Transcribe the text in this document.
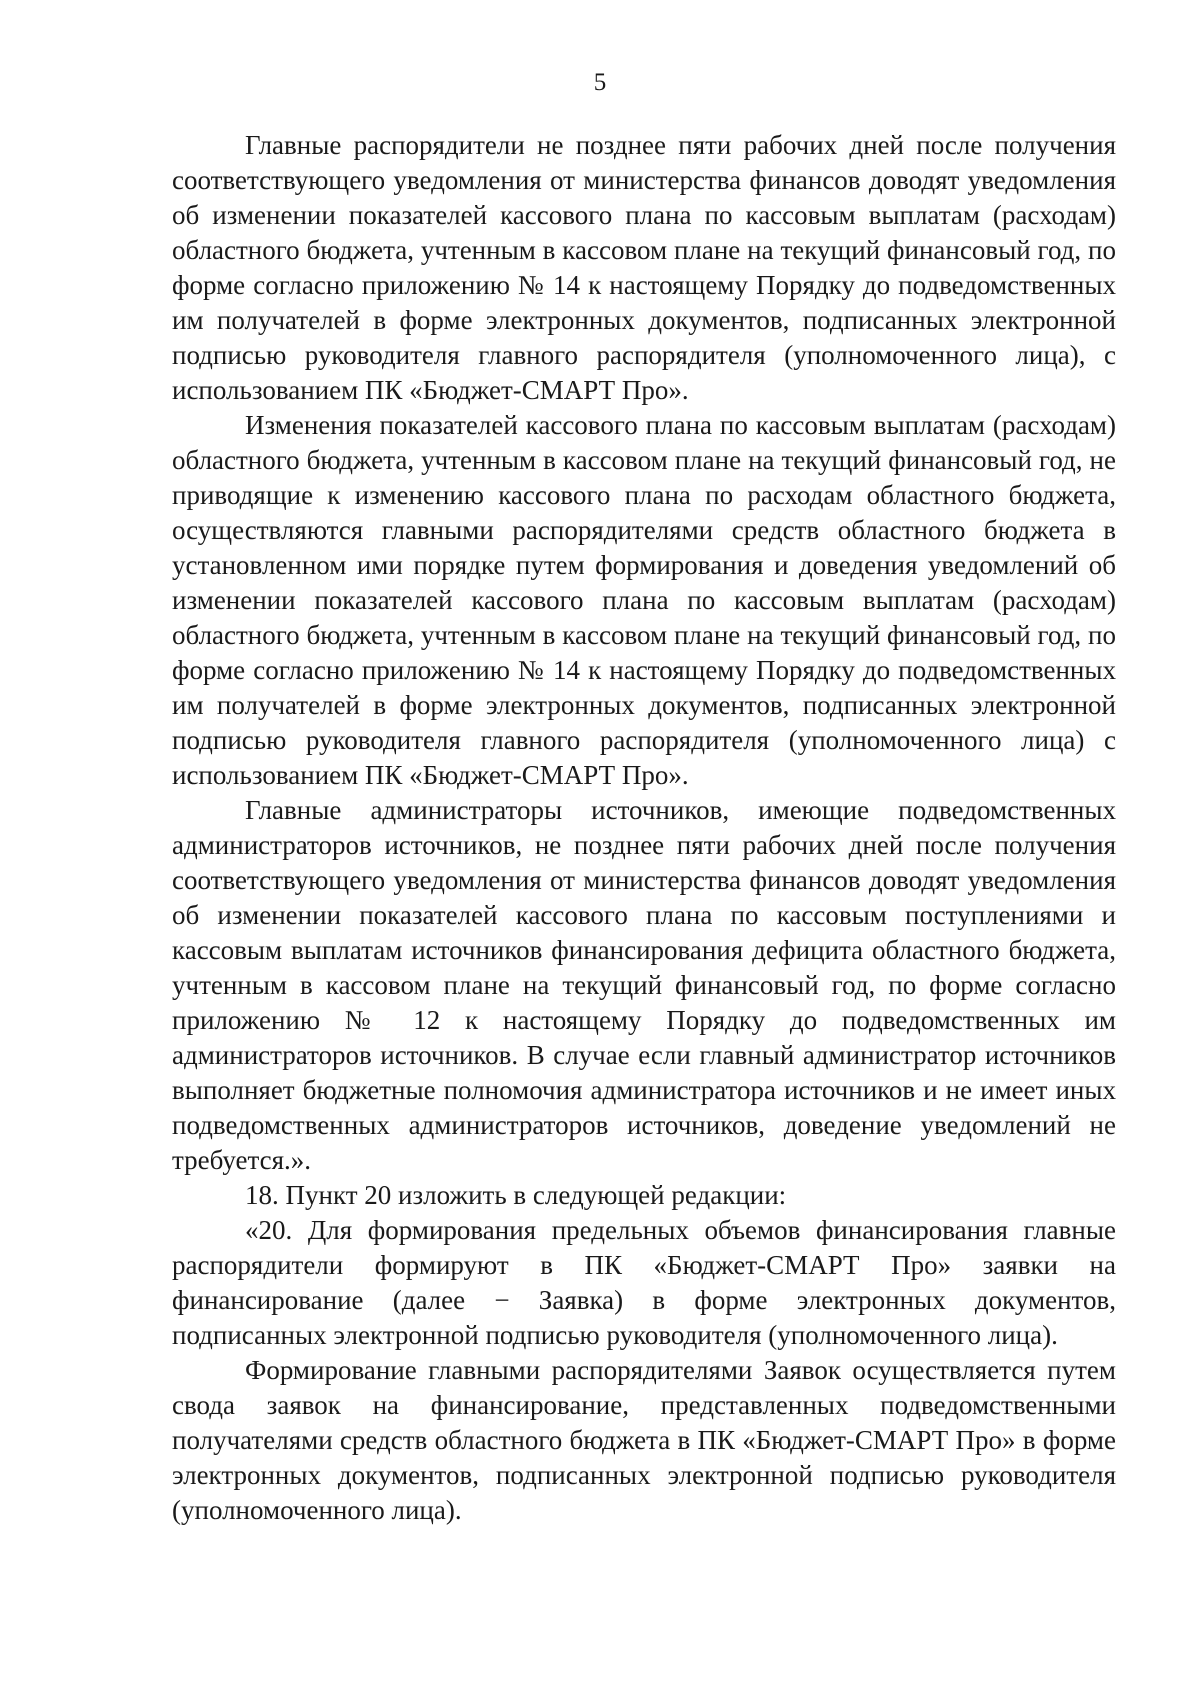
5

Главные распорядители не позднее пяти рабочих дней после получения соответствующего уведомления от министерства финансов доводят уведомления об изменении показателей кассового плана по кассовым выплатам (расходам) областного бюджета, учтенным в кассовом плане на текущий финансовый год, по форме согласно приложению № 14 к настоящему Порядку до подведомственных им получателей в форме электронных документов, подписанных электронной подписью руководителя главного распорядителя (уполномоченного лица), с использованием ПК «Бюджет-СМАРТ Про».

Изменения показателей кассового плана по кассовым выплатам (расходам) областного бюджета, учтенным в кассовом плане на текущий финансовый год, не приводящие к изменению кассового плана по расходам областного бюджета, осуществляются главными распорядителями средств областного бюджета в установленном ими порядке путем формирования и доведения уведомлений об изменении показателей кассового плана по кассовым выплатам (расходам) областного бюджета, учтенным в кассовом плане на текущий финансовый год, по форме согласно приложению № 14 к настоящему Порядку до подведомственных им получателей в форме электронных документов, подписанных электронной подписью руководителя главного распорядителя (уполномоченного лица) с использованием ПК «Бюджет-СМАРТ Про».

Главные администраторы источников, имеющие подведомственных администраторов источников, не позднее пяти рабочих дней после получения соответствующего уведомления от министерства финансов доводят уведомления об изменении показателей кассового плана по кассовым поступлениями и кассовым выплатам источников финансирования дефицита областного бюджета, учтенным в кассовом плане на текущий финансовый год, по форме согласно приложению № 12 к настоящему Порядку до подведомственных им администраторов источников. В случае если главный администратор источников выполняет бюджетные полномочия администратора источников и не имеет иных подведомственных администраторов источников, доведение уведомлений не требуется.».

18. Пункт 20 изложить в следующей редакции:

«20. Для формирования предельных объемов финансирования главные распорядители формируют в ПК «Бюджет-СМАРТ Про» заявки на финансирование (далее − Заявка) в форме электронных документов, подписанных электронной подписью руководителя (уполномоченного лица).

Формирование главными распорядителями Заявок осуществляется путем свода заявок на финансирование, представленных подведомственными получателями средств областного бюджета в ПК «Бюджет-СМАРТ Про» в форме электронных документов, подписанных электронной подписью руководителя (уполномоченного лица).
